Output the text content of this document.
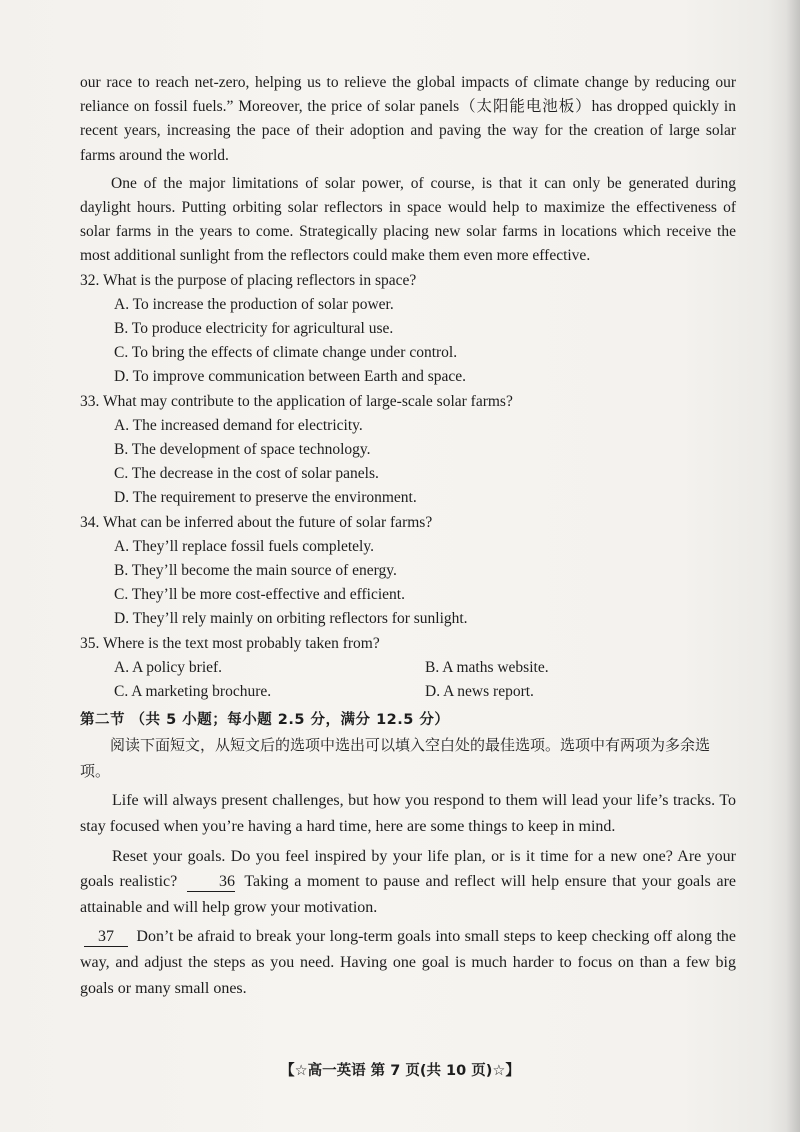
our race to reach net-zero, helping us to relieve the global impacts of climate change by reducing our reliance on fossil fuels.” Moreover, the price of solar panels（太阳能电池板）has dropped quickly in recent years, increasing the pace of their adoption and paving the way for the creation of large solar farms around the world.

One of the major limitations of solar power, of course, is that it can only be generated during daylight hours. Putting orbiting solar reflectors in space would help to maximize the effectiveness of solar farms in the years to come. Strategically placing new solar farms in locations which receive the most additional sunlight from the reflectors could make them even more effective.

32. What is the purpose of placing reflectors in space?

A. To increase the production of solar power.

B. To produce electricity for agricultural use.

C. To bring the effects of climate change under control.

D. To improve communication between Earth and space.

33. What may contribute to the application of large-scale solar farms?

A. The increased demand for electricity.

B. The development of space technology.

C. The decrease in the cost of solar panels.

D. The requirement to preserve the environment.

34. What can be inferred about the future of solar farms?

A. They’ll replace fossil fuels completely.

B. They’ll become the main source of energy.

C. They’ll be more cost-effective and efficient.

D. They’ll rely mainly on orbiting reflectors for sunlight.

35. Where is the text most probably taken from?

A. A policy brief.	B. A maths website.
C. A marketing brochure.	D. A news report.

第二节 （共 5 小题；每小题 2.5 分，满分 12.5 分）

阅读下面短文，从短文后的选项中选出可以填入空白处的最佳选项。选项中有两项为多余选项。

Life will always present challenges, but how you respond to them will lead your life’s tracks. To stay focused when you’re having a hard time, here are some things to keep in mind.

Reset your goals. Do you feel inspired by your life plan, or is it time for a new one? Are your goals realistic?	36 Taking a moment to pause and reflect will help ensure that your goals are attainable and will help grow your motivation.

37 Don’t be afraid to break your long-term goals into small steps to keep checking off along the way, and adjust the steps as you need. Having one goal is much harder to focus on than a few big goals or many small ones.

【☆高一英语 第 7 页(共 10 页)☆】
